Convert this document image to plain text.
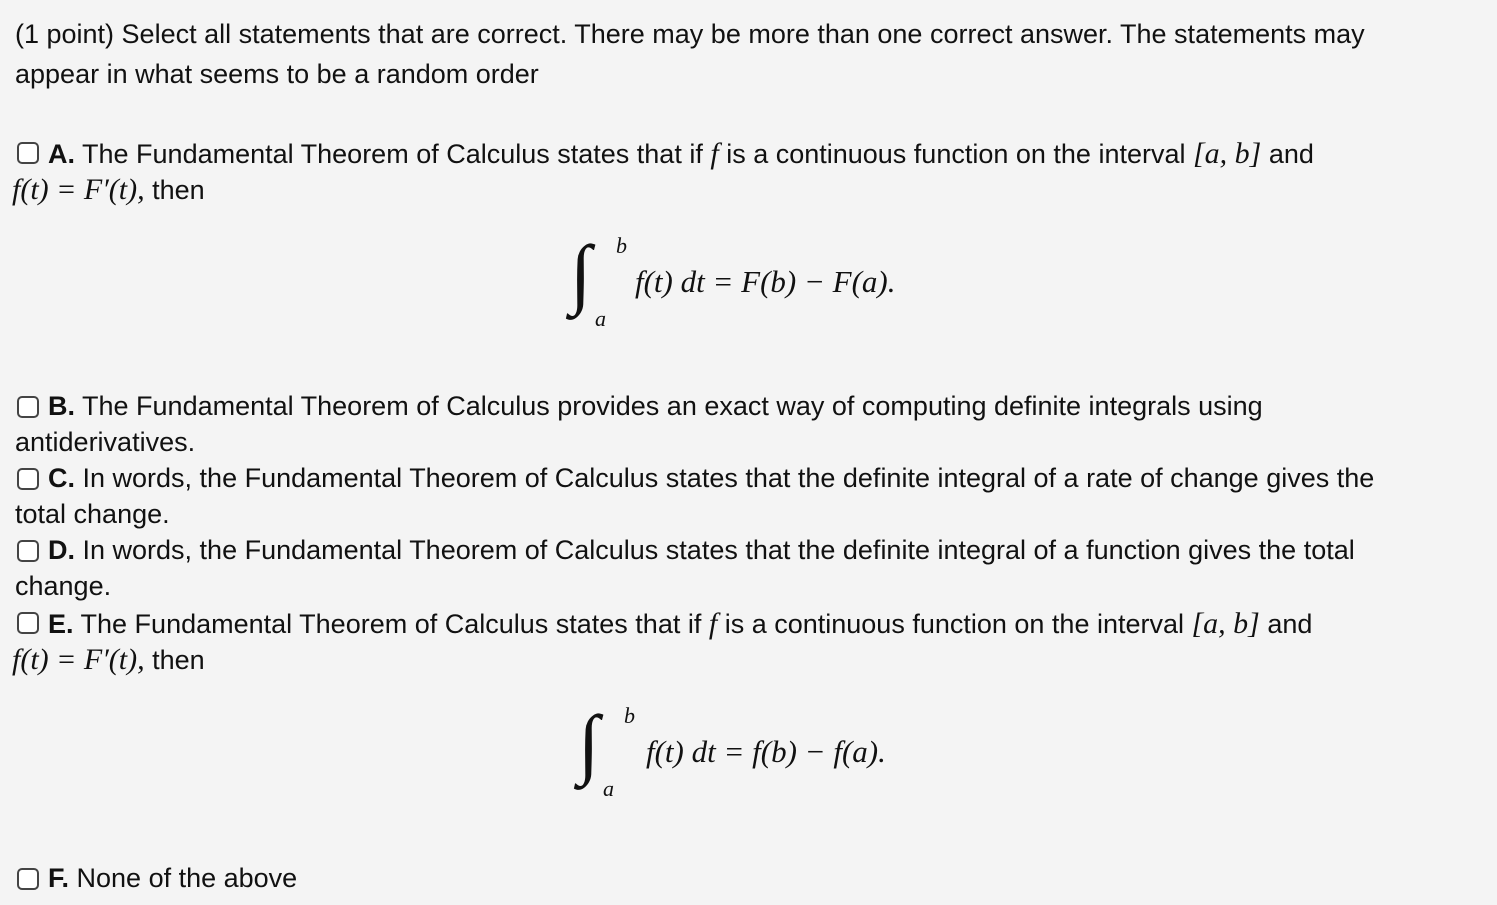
(1 point) Select all statements that are correct. There may be more than one correct answer. The statements may
appear in what seems to be a random order
A. The Fundamental Theorem of Calculus states that if f is a continuous function on the interval [a, b] and
f(t) = F′(t), then
∫ b
a
f(t) dt = F(b) − F(a).
B. The Fundamental Theorem of Calculus provides an exact way of computing definite integrals using
antiderivatives.
C. In words, the Fundamental Theorem of Calculus states that the definite integral of a rate of change gives the
total change.
D. In words, the Fundamental Theorem of Calculus states that the definite integral of a function gives the total
change.
E. The Fundamental Theorem of Calculus states that if f is a continuous function on the interval [a, b] and
f(t) = F′(t), then
∫ b
a
f(t) dt = f(b) − f(a).
F. None of the above
